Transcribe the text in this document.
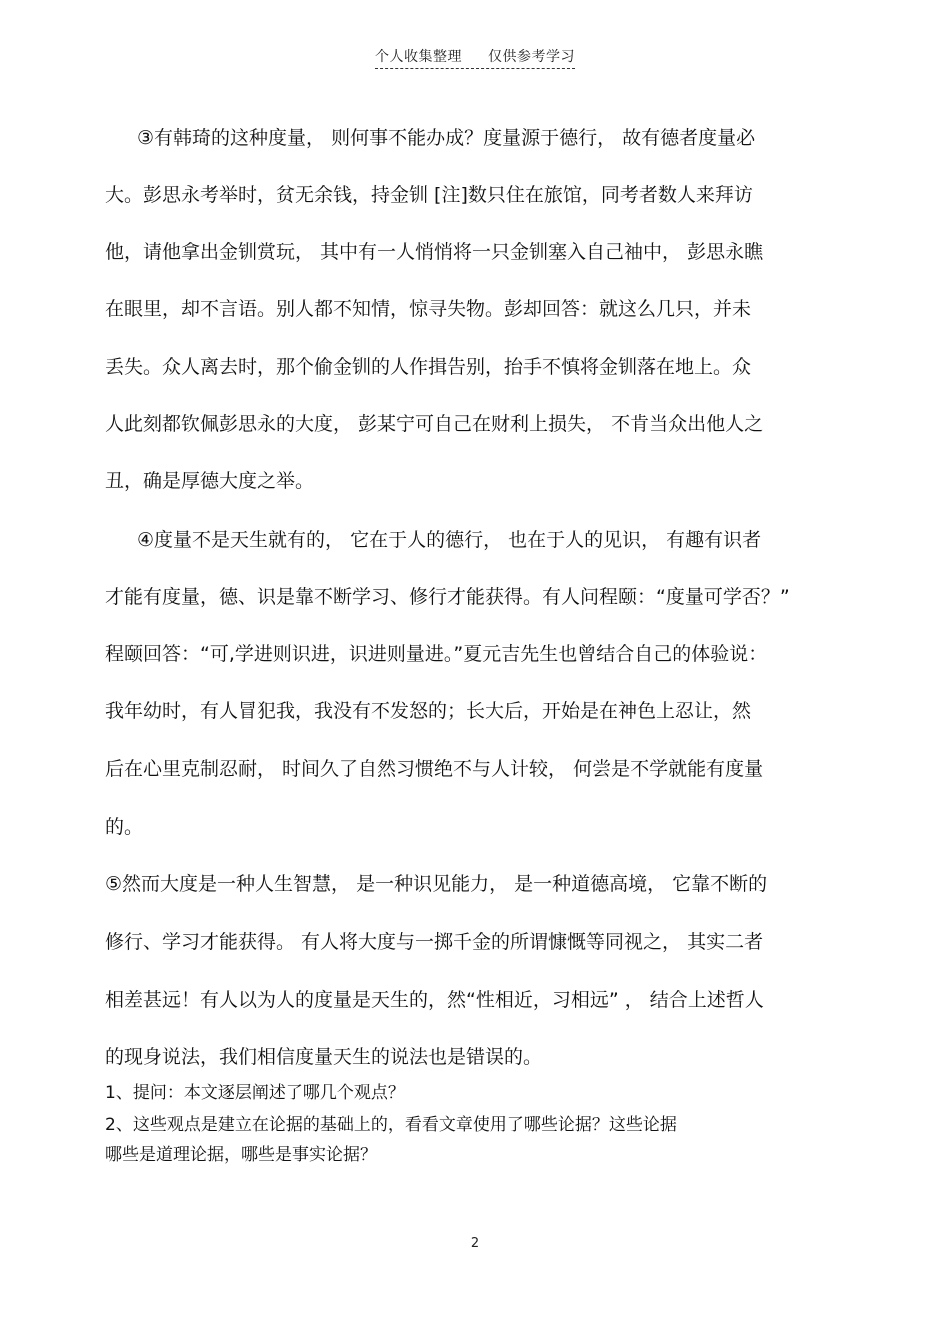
个人收集整理 仅供参考学习
③有韩琦的这种度量， 则何事不能办成？度量源于德行， 故有德者度量必
大。彭思永考举时，贫无余钱，持金钏 [注]数只住在旅馆，同考者数人来拜访
他，请他拿出金钏赏玩， 其中有一人悄悄将一只金钏塞入自己袖中， 彭思永瞧
在眼里，却不言语。别人都不知情，惊寻失物。彭却回答：就这么几只，并未
丢失。众人离去时，那个偷金钏的人作揖告别，抬手不慎将金钏落在地上。众
人此刻都钦佩彭思永的大度， 彭某宁可自己在财利上损失， 不肯当众出他人之
丑，确是厚德大度之举。
④度量不是天生就有的， 它在于人的德行， 也在于人的见识， 有趣有识者
才能有度量，德、识是靠不断学习、修行才能获得。有人问程颐：“度量可学否？”
程颐回答：“可,学进则识进，识进则量进。”夏元吉先生也曾结合自己的体验说：
我年幼时，有人冒犯我，我没有不发怒的；长大后，开始是在神色上忍让，然
后在心里克制忍耐， 时间久了自然习惯绝不与人计较， 何尝是不学就能有度量
的。
⑤然而大度是一种人生智慧， 是一种识见能力， 是一种道德高境， 它靠不断的
修行、学习才能获得。 有人将大度与一掷千金的所谓慷慨等同视之， 其实二者
相差甚远！有人以为人的度量是天生的，然“性相近，习相远” ， 结合上述哲人
的现身说法，我们相信度量天生的说法也是错误的。
1、提问：本文逐层阐述了哪几个观点？
2、这些观点是建立在论据的基础上的，看看文章使用了哪些论据？这些论据
哪些是道理论据，哪些是事实论据？
2
